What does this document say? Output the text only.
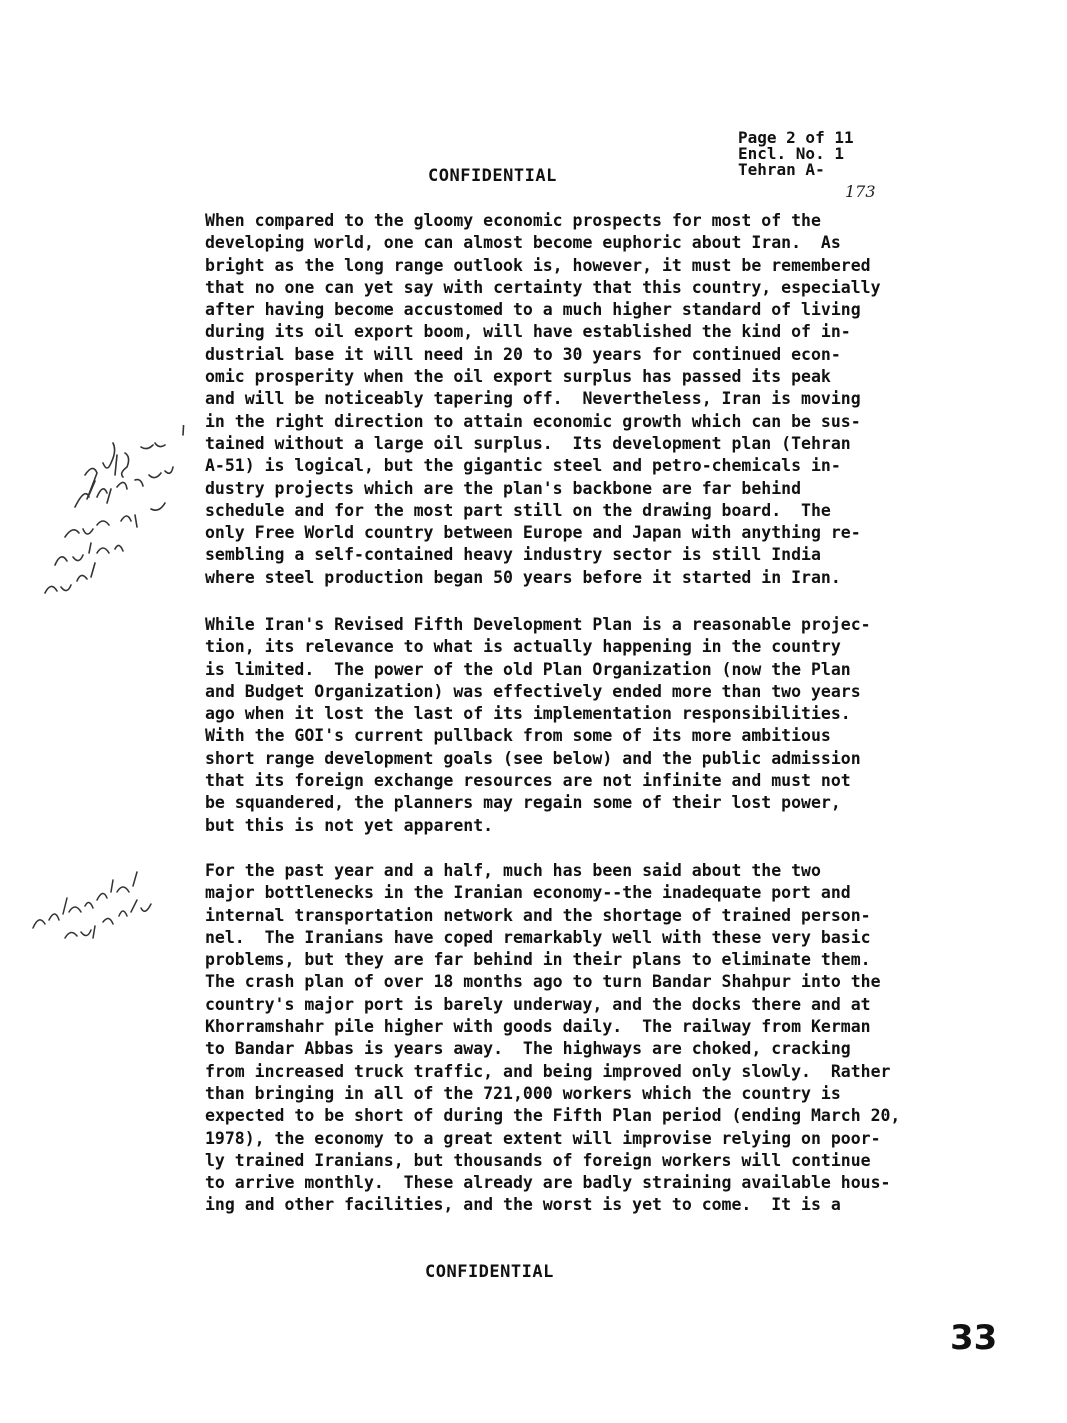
Page 2 of 11
Encl. No. 1
Tehran A-
173
CONFIDENTIAL
When compared to the gloomy economic prospects for most of the
developing world, one can almost become euphoric about Iran.  As
bright as the long range outlook is, however, it must be remembered
that no one can yet say with certainty that this country, especially
after having become accustomed to a much higher standard of living
during its oil export boom, will have established the kind of in-
dustrial base it will need in 20 to 30 years for continued econ-
omic prosperity when the oil export surplus has passed its peak
and will be noticeably tapering off.  Nevertheless, Iran is moving
in the right direction to attain economic growth which can be sus-
tained without a large oil surplus.  Its development plan (Tehran
A-51) is logical, but the gigantic steel and petro-chemicals in-
dustry projects which are the plan's backbone are far behind
schedule and for the most part still on the drawing board.  The
only Free World country between Europe and Japan with anything re-
sembling a self-contained heavy industry sector is still India
where steel production began 50 years before it started in Iran.
While Iran's Revised Fifth Development Plan is a reasonable projec-
tion, its relevance to what is actually happening in the country
is limited.  The power of the old Plan Organization (now the Plan
and Budget Organization) was effectively ended more than two years
ago when it lost the last of its implementation responsibilities.
With the GOI's current pullback from some of its more ambitious
short range development goals (see below) and the public admission
that its foreign exchange resources are not infinite and must not
be squandered, the planners may regain some of their lost power,
but this is not yet apparent.
For the past year and a half, much has been said about the two
major bottlenecks in the Iranian economy--the inadequate port and
internal transportation network and the shortage of trained person-
nel.  The Iranians have coped remarkably well with these very basic
problems, but they are far behind in their plans to eliminate them.
The crash plan of over 18 months ago to turn Bandar Shahpur into the
country's major port is barely underway, and the docks there and at
Khorramshahr pile higher with goods daily.  The railway from Kerman
to Bandar Abbas is years away.  The highways are choked, cracking
from increased truck traffic, and being improved only slowly.  Rather
than bringing in all of the 721,000 workers which the country is
expected to be short of during the Fifth Plan period (ending March 20,
1978), the economy to a great extent will improvise relying on poor-
ly trained Iranians, but thousands of foreign workers will continue
to arrive monthly.  These already are badly straining available hous-
ing and other facilities, and the worst is yet to come.  It is a
CONFIDENTIAL
33
